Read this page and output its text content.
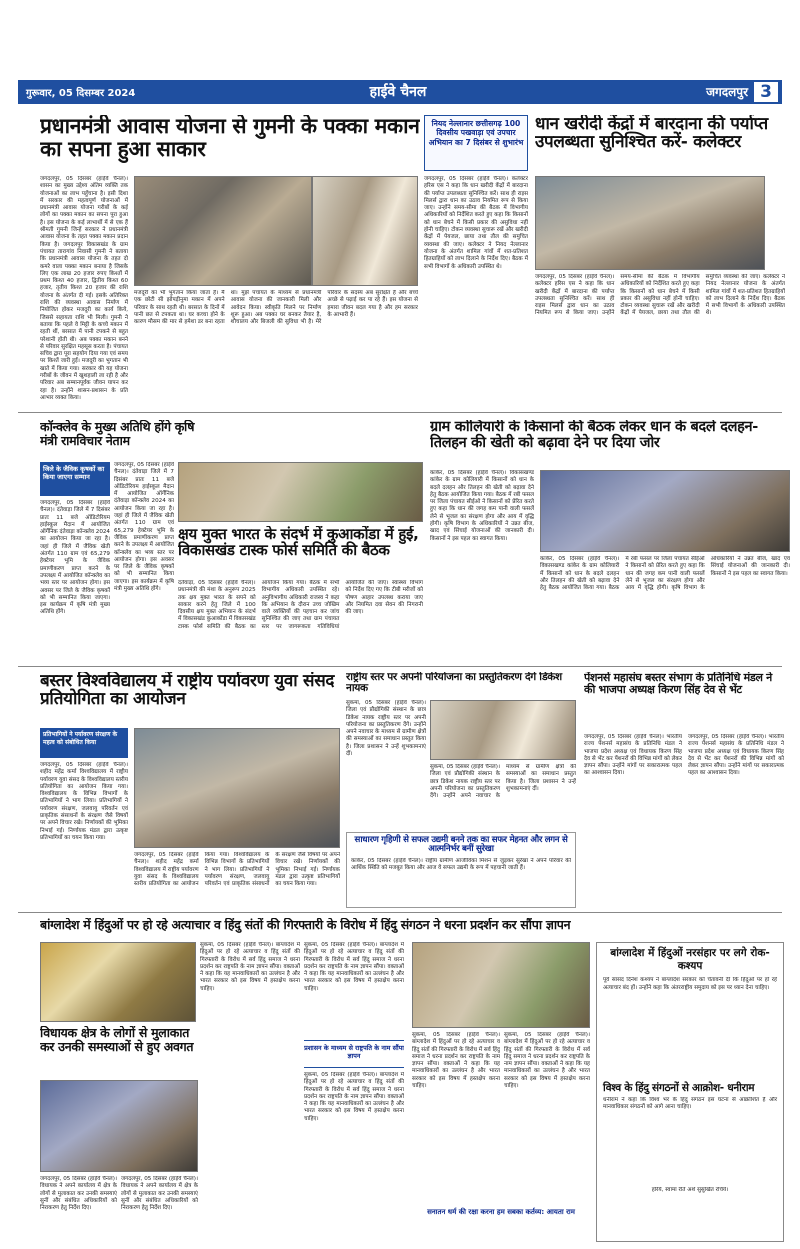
गुरूवार, 05 दिसम्बर 2024	हाईवे चैनल	जगदलपुर 3
प्रधानमंत्री आवास योजना से गुमनी के पक्का मकान का सपना हुआ साकार
जगदलपुर, 05 दिसंबर (हाईवे चैनल)। शासन का मुख्य उद्देश्य अंतिम व्यक्ति तक योजनाओं का लाभ पहुँचाना है। इसी दिशा में सरकार की महत्वपूर्ण योजनाओं में प्रधानमंत्री आवास योजना गरीबों के कई लोगों का पक्का मकान का सपना पूरा हुआ है। इस योजना के कई लाभार्थी में से एक हैं श्रीमती गुमनी जिन्हें सरकार ने प्रधानमंत्री आवास योजना के तहत पक्का मकान प्रदान किया है। जगदलपुर विकासखंड के ग्राम पंचायत तारागांव निवासी गुमनी ने बताया कि प्रधानमंत्री आवास योजना के तहत दो कमरे वाला पक्का मकान बनाया है जिसके लिए एक लाख 20 हजार रुपए किश्तों में प्रथम किश्त 40 हजार, द्वितीय किश्त 60 हजार, तृतीय किश्त 20 हजार की राशि योजना के अंतर्गत दी गई। इसके अतिरिक्त राशि की व्यवस्था आवास निर्माण में नियोजित होकर मजदूरी का कार्य किये, जिससे सहायता राशि भी मिली। गुमनी ने बताया कि पहले वे मिट्टी के कच्चे मकान में रहती थीं, बरसात में पानी टपकने से बहुत परेशानी होती थी। अब पक्का मकान बनने से परिवार सुरक्षित महसूस करता है। पंचायत सचिव द्वारा पूरा सहयोग दिया गया एवं समय पर किश्तें जारी हुईं। मजदूरी का भुगतान भी खाते में किया गया। सरकार की यह योजना गरीबों के जीवन में खुशहाली ला रही है और परिवार अब सम्मानपूर्वक जीवन यापन कर रहा है। उन्होंने शासन-प्रशासन के प्रति आभार व्यक्त किया।
मजदूरी का भी भुगतान किया जाता है। मैं एक छोटी सी झोपड़ीनुमा मकान में अपने परिवार के साथ रहती थी। बरसात के दिनों में पानी छत से टपकता था। घर कच्चा होने के कारण मौसम की मार से हमेशा डर बना रहता था। मुझे पंचायत के माध्यम से प्रधानमंत्री आवास योजना की जानकारी मिली और आवेदन किया। स्वीकृति मिलने पर निर्माण शुरू हुआ। अब पक्का घर बनकर तैयार है, शौचालय और बिजली की सुविधा भी है। मेरे परिवार के सदस्य अब सुरक्षित हैं और बच्चे अच्छे से पढ़ाई कर पा रहे हैं। इस योजना से हमारा जीवन बदल गया है और हम सरकार के आभारी हैं।
नियद नेल्लानार छत्तीसगढ़ 100 दिवसीय पखवाड़ा एवं उपचार अभियान का 7 दिसंबर से शुभारंभ
धान खरीदी केंद्रों में बारदाना की पर्याप्त उपलब्धता सुनिश्चित करें- कलेक्टर
जगदलपुर, 05 दिसंबर (हाईवे चैनल)। कलेक्टर हरिस एस ने कहा कि धान खरीदी केंद्रों में बारदाना की पर्याप्त उपलब्धता सुनिश्चित करें। साथ ही राइस मिलर्स द्वारा धान का उठाव नियमित रूप से किया जाए। उन्होंने समय-सीमा की बैठक में विभागीय अधिकारियों को निर्देशित करते हुए कहा कि किसानों को धान बेचने में किसी प्रकार की असुविधा नहीं होनी चाहिए। टोकन व्यवस्था सुचारू रखें और खरीदी केंद्रों में पेयजल, छाया तथा तौल की समुचित व्यवस्था की जाए। कलेक्टर ने नियद नेल्लानार योजना के अंतर्गत शामिल गांवों में शत-प्रतिशत हितग्राहियों को लाभ दिलाने के निर्देश दिए। बैठक में सभी विभागों के अधिकारी उपस्थित थे।
जगदलपुर, 05 दिसंबर (हाईवे चैनल)। कलेक्टर हरिस एस ने कहा कि धान खरीदी केंद्रों में बारदाना की पर्याप्त उपलब्धता सुनिश्चित करें। साथ ही राइस मिलर्स द्वारा धान का उठाव नियमित रूप से किया जाए। उन्होंने समय-सीमा की बैठक में विभागीय अधिकारियों को निर्देशित करते हुए कहा कि किसानों को धान बेचने में किसी प्रकार की असुविधा नहीं होनी चाहिए। टोकन व्यवस्था सुचारू रखें और खरीदी केंद्रों में पेयजल, छाया तथा तौल की समुचित व्यवस्था की जाए। कलेक्टर ने नियद नेल्लानार योजना के अंतर्गत शामिल गांवों में शत-प्रतिशत हितग्राहियों को लाभ दिलाने के निर्देश दिए। बैठक में सभी विभागों के अधिकारी उपस्थित थे।
कॉन्क्लेव के मुख्य अतिथि होंगे कृषि मंत्री रामविचार नेताम
जिले के जैविक कृषकों का किया जाएगा सम्मान
जगदलपुर, 05 दिसंबर (हाईवे चैनल)। दंतेवाड़ा जिले में 7 दिसंबर प्रातः 11 बजे ऑडिटोरियम हाईस्कूल मैदान में आयोजित ऑर्गेनिक दंतेवाड़ा कॉन्क्लेव 2024 का आयोजन किया जा रहा है। जहां ही जिले में जैविक खेती अंतर्गत 110 ग्राम एवं 65,279 हेक्टेयर भूमि के जैविक प्रमाणीकरण प्राप्त करने के उपलक्ष्य में आयोजित कॉन्क्लेव का भव्य स्तर पर आयोजन होगा। इस अवसर पर जिले के जैविक कृषकों को भी सम्मानित किया जाएगा। इस कार्यक्रम में कृषि मंत्री मुख्य अतिथि होंगे।
जगदलपुर, 05 दिसंबर (हाईवे चैनल)। दंतेवाड़ा जिले में 7 दिसंबर प्रातः 11 बजे ऑडिटोरियम हाईस्कूल मैदान में आयोजित ऑर्गेनिक दंतेवाड़ा कॉन्क्लेव 2024 का आयोजन किया जा रहा है। जहां ही जिले में जैविक खेती अंतर्गत 110 ग्राम एवं 65,279 हेक्टेयर भूमि के जैविक प्रमाणीकरण प्राप्त करने के उपलक्ष्य में आयोजित कॉन्क्लेव का भव्य स्तर पर आयोजन होगा। इस अवसर पर जिले के जैविक कृषकों को भी सम्मानित किया जाएगा। इस कार्यक्रम में कृषि मंत्री मुख्य अतिथि होंगे।
क्षय मुक्त भारत के संदर्भ में कुआकोंडा में हुई, विकासखंड टास्क फोर्स समिति की बैठक
दंतेवाड़ा, 05 दिसंबर (हाईवे चैनल)। प्रधानमंत्री की मंशा के अनुरूप 2025 तक क्षय मुक्त भारत के सपने को साकार करने हेतु जिले में 100 दिवसीय क्षय मुक्त अभियान के संदर्भ में विकासखंड कुआकोंडा में विकासखंड टास्क फोर्स समिति की बैठक का आयोजन किया गया। बैठक में सभी विभागीय अधिकारी उपस्थित रहे। अनुविभागीय अधिकारी राजस्व ने कहा कि अभियान के दौरान उच्च जोखिम वाले व्यक्तियों की पहचान कर जांच सुनिश्चित की जाए तथा ग्राम पंचायत स्तर पर जागरूकता गतिविधियां आयोजित की जाएं। स्वास्थ्य विभाग को निर्देश दिए गए कि टीबी मरीजों को पोषण आहार उपलब्ध कराया जाए और नियमित दवा सेवन की निगरानी की जाए।
ग्राम कोलियारी के किसानों की बैठक लेकर धान के बदले दलहन-तिलहन की खेती को बढ़ावा देने पर दिया जोर
कांकेर, 05 दिसंबर (हाईवे चैनल)। विकासखण्ड कांकेर के ग्राम कोलियारी में किसानों को धान के बदले दलहन और तिलहन की खेती को बढ़ावा देने हेतु बैठक आयोजित किया गया। बैठक में रबी फसल पर जिला पंचायत सीईओ ने किसानों को प्रेरित करते हुए कहा कि धान की जगह कम पानी वाली फसलें लेने से भूजल का संरक्षण होगा और आय में वृद्धि होगी। कृषि विभाग के अधिकारियों ने उन्नत बीज, खाद एवं सिंचाई योजनाओं की जानकारी दी। किसानों ने इस पहल का स्वागत किया।
कांकेर, 05 दिसंबर (हाईवे चैनल)। विकासखण्ड कांकेर के ग्राम कोलियारी में किसानों को धान के बदले दलहन और तिलहन की खेती को बढ़ावा देने हेतु बैठक आयोजित किया गया। बैठक में रबी फसल पर जिला पंचायत सीईओ ने किसानों को प्रेरित करते हुए कहा कि धान की जगह कम पानी वाली फसलें लेने से भूजल का संरक्षण होगा और आय में वृद्धि होगी। कृषि विभाग के अधिकारियों ने उन्नत बीज, खाद एवं सिंचाई योजनाओं की जानकारी दी। किसानों ने इस पहल का स्वागत किया।
बस्तर विश्वविद्यालय में राष्ट्रीय पर्यावरण युवा संसद प्रतियोगिता का आयोजन
प्रतिभागियों ने पर्यावरण संरक्षण के महत्व को संबोधित किया
जगदलपुर, 05 दिसंबर (हाईवे चैनल)। शहीद महेंद्र कर्मा विश्वविद्यालय में राष्ट्रीय पर्यावरण युवा संसद के विश्वविद्यालय स्तरीय प्रतियोगिता का आयोजन किया गया। विश्वविद्यालय के विभिन्न विभागों के प्रतिभागियों ने भाग लिया। प्रतिभागियों ने पर्यावरण संरक्षण, जलवायु परिवर्तन एवं प्राकृतिक संसाधनों के संरक्षण जैसे विषयों पर अपने विचार रखे। निर्णायकों की भूमिका निभाई गई। निर्णायक मंडल द्वारा उत्कृष्ट प्रतिभागियों का चयन किया गया।
जगदलपुर, 05 दिसंबर (हाईवे चैनल)। शहीद महेंद्र कर्मा विश्वविद्यालय में राष्ट्रीय पर्यावरण युवा संसद के विश्वविद्यालय स्तरीय प्रतियोगिता का आयोजन किया गया। विश्वविद्यालय के विभिन्न विभागों के प्रतिभागियों ने भाग लिया। प्रतिभागियों ने पर्यावरण संरक्षण, जलवायु परिवर्तन एवं प्राकृतिक संसाधनों के संरक्षण जैसे विषयों पर अपने विचार रखे। निर्णायकों की भूमिका निभाई गई। निर्णायक मंडल द्वारा उत्कृष्ट प्रतिभागियों का चयन किया गया।
राष्ट्रीय स्तर पर अपनी परियोजना का प्रस्तुतिकरण देंगे डिकेश नायक
सुकमा, 05 दिसंबर (हाईवे चैनल)। जिला एवं प्रौद्योगिकी संस्थान के छात्र डिकेश नायक राष्ट्रीय स्तर पर अपनी परियोजना का प्रस्तुतिकरण देंगे। उन्होंने अपने नवाचार के माध्यम से ग्रामीण क्षेत्रों की समस्याओं का समाधान प्रस्तुत किया है। जिला प्रशासन ने उन्हें शुभकामनाएं दीं।
सुकमा, 05 दिसंबर (हाईवे चैनल)। जिला एवं प्रौद्योगिकी संस्थान के छात्र डिकेश नायक राष्ट्रीय स्तर पर अपनी परियोजना का प्रस्तुतिकरण देंगे। उन्होंने अपने नवाचार के माध्यम से ग्रामीण क्षेत्रों की समस्याओं का समाधान प्रस्तुत किया है। जिला प्रशासन ने उन्हें शुभकामनाएं दीं।
साधारण गृहिणी से सफल उद्यमी बनने तक का सफर मेहनत और लगन से आत्मनिर्भर बनीं सुरेखा
कांकेर, 05 दिसंबर (हाईवे चैनल)। राष्ट्रीय ग्रामीण आजीविका मिशन से जुड़कर सुरेखा ने अपने परिवार की आर्थिक स्थिति को मजबूत किया और आज वे सफल उद्यमी के रूप में पहचानी जाती हैं।
पेंशनर्स महासंघ बस्तर संभाग के प्रतिनिधि मंडल ने की भाजपा अध्यक्ष किरण सिंह देव से भेंट
जगदलपुर, 05 दिसंबर (हाईवे चैनल)। भारतीय राज्य पेंशनर्स महासंघ के प्रतिनिधि मंडल ने भाजपा प्रदेश अध्यक्ष एवं विधायक किरण सिंह देव से भेंट कर पेंशनरों की विभिन्न मांगों को लेकर ज्ञापन सौंपा। उन्होंने मांगों पर सकारात्मक पहल का आश्वासन दिया।
जगदलपुर, 05 दिसंबर (हाईवे चैनल)। भारतीय राज्य पेंशनर्स महासंघ के प्रतिनिधि मंडल ने भाजपा प्रदेश अध्यक्ष एवं विधायक किरण सिंह देव से भेंट कर पेंशनरों की विभिन्न मांगों को लेकर ज्ञापन सौंपा। उन्होंने मांगों पर सकारात्मक पहल का आश्वासन दिया।
बांग्लादेश में हिंदुओं पर हो रहे अत्याचार व हिंदु संतों की गिरफ्तारी के विरोध में हिंदु संगठन ने धरना प्रदर्शन कर सौंपा ज्ञापन
सुकमा, 05 दिसंबर (हाईवे चैनल)। बांग्लादेश में हिंदुओं पर हो रहे अत्याचार व हिंदु संतों की गिरफ्तारी के विरोध में सर्व हिंदु समाज ने धरना प्रदर्शन कर राष्ट्रपति के नाम ज्ञापन सौंपा। वक्ताओं ने कहा कि यह मानवाधिकारों का उल्लंघन है और भारत सरकार को इस विषय में हस्तक्षेप करना चाहिए।
प्रशासन के माध्यम से राष्ट्रपति के नाम सौंपा ज्ञापन
सुकमा, 05 दिसंबर (हाईवे चैनल)। बांग्लादेश में हिंदुओं पर हो रहे अत्याचार व हिंदु संतों की गिरफ्तारी के विरोध में सर्व हिंदु समाज ने धरना प्रदर्शन कर राष्ट्रपति के नाम ज्ञापन सौंपा। वक्ताओं ने कहा कि यह मानवाधिकारों का उल्लंघन है और भारत सरकार को इस विषय में हस्तक्षेप करना चाहिए।
सुकमा, 05 दिसंबर (हाईवे चैनल)। बांग्लादेश में हिंदुओं पर हो रहे अत्याचार व हिंदु संतों की गिरफ्तारी के विरोध में सर्व हिंदु समाज ने धरना प्रदर्शन कर राष्ट्रपति के नाम ज्ञापन सौंपा। वक्ताओं ने कहा कि यह मानवाधिकारों का उल्लंघन है और भारत सरकार को इस विषय में हस्तक्षेप करना चाहिए।
सुकमा, 05 दिसंबर (हाईवे चैनल)। बांग्लादेश में हिंदुओं पर हो रहे अत्याचार व हिंदु संतों की गिरफ्तारी के विरोध में सर्व हिंदु समाज ने धरना प्रदर्शन कर राष्ट्रपति के नाम ज्ञापन सौंपा। वक्ताओं ने कहा कि यह मानवाधिकारों का उल्लंघन है और भारत सरकार को इस विषय में हस्तक्षेप करना चाहिए।
सुकमा, 05 दिसंबर (हाईवे चैनल)। बांग्लादेश में हिंदुओं पर हो रहे अत्याचार व हिंदु संतों की गिरफ्तारी के विरोध में सर्व हिंदु समाज ने धरना प्रदर्शन कर राष्ट्रपति के नाम ज्ञापन सौंपा। वक्ताओं ने कहा कि यह मानवाधिकारों का उल्लंघन है और भारत सरकार को इस विषय में हस्तक्षेप करना चाहिए।
सनातन धर्म की रक्षा करना हम सबका कर्तव्य: आयता राम
विधायक क्षेत्र के लोगों से मुलाकात कर उनकी समस्याओं से हुए अवगत
जगदलपुर, 05 दिसंबर (हाईवे चैनल)। विधायक ने अपने कार्यालय में क्षेत्र के लोगों से मुलाकात कर उनकी समस्याएं सुनीं और संबंधित अधिकारियों को निराकरण हेतु निर्देश दिए।
जगदलपुर, 05 दिसंबर (हाईवे चैनल)। विधायक ने अपने कार्यालय में क्षेत्र के लोगों से मुलाकात कर उनकी समस्याएं सुनीं और संबंधित अधिकारियों को निराकरण हेतु निर्देश दिए।
बांग्लादेश में हिंदुओं नरसंहार पर लगे रोक- कश्यप
पूर्व सांसद दिनेश कश्यप ने बांग्लादेश सरकार को चेतावनी दी कि हिंदुओं पर हो रहे अत्याचार बंद हों। उन्होंने कहा कि अंतरराष्ट्रीय समुदाय को इस पर ध्यान देना चाहिए।
विश्व के हिंदु संगठनों से आक्रोश- धनीराम
धनीराम ने कहा कि विश्व भर के हिंदु संगठन इस घटना से आक्रोशित हैं और मानवाधिकार संगठनों को आगे आना चाहिए।
हरिये, स्वामा रेति अशे सुसुखित रचिये।
